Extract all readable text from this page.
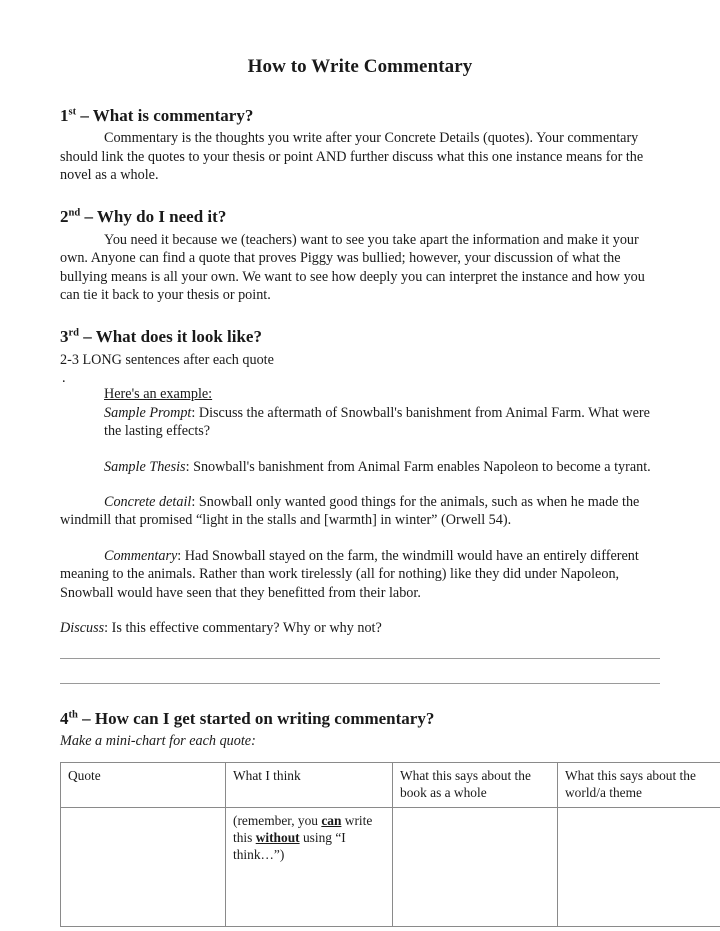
How to Write Commentary
1st – What is commentary?

Commentary is the thoughts you write after your Concrete Details (quotes). Your commentary should link the quotes to your thesis or point AND further discuss what this one instance means for the novel as a whole.

2nd – Why do I need it?

You need it because we (teachers) want to see you take apart the information and make it your own. Anyone can find a quote that proves Piggy was bullied; however, your discussion of what the bullying means is all your own. We want to see how deeply you can interpret the instance and how you can tie it back to your thesis or point.

3rd – What does it look like?

2-3 LONG sentences after each quote

.

Here's an example:

Sample Prompt: Discuss the aftermath of Snowball's banishment from Animal Farm. What were the lasting effects?

Sample Thesis: Snowball's banishment from Animal Farm enables Napoleon to become a tyrant.

Concrete detail: Snowball only wanted good things for the animals, such as when he made the windmill that promised “light in the stalls and [warmth] in winter” (Orwell 54).

Commentary: Had Snowball stayed on the farm, the windmill would have an entirely different meaning to the animals. Rather than work tirelessly (all for nothing) like they did under Napoleon, Snowball would have seen that they benefitted from their labor.

Discuss: Is this effective commentary? Why or why not?

4th – How can I get started on writing commentary?

Make a mini-chart for each quote:

Quote	What I think	What this says about the book as a whole	What this says about the world/a theme
	(remember, you can write this without using “I think…”)		
